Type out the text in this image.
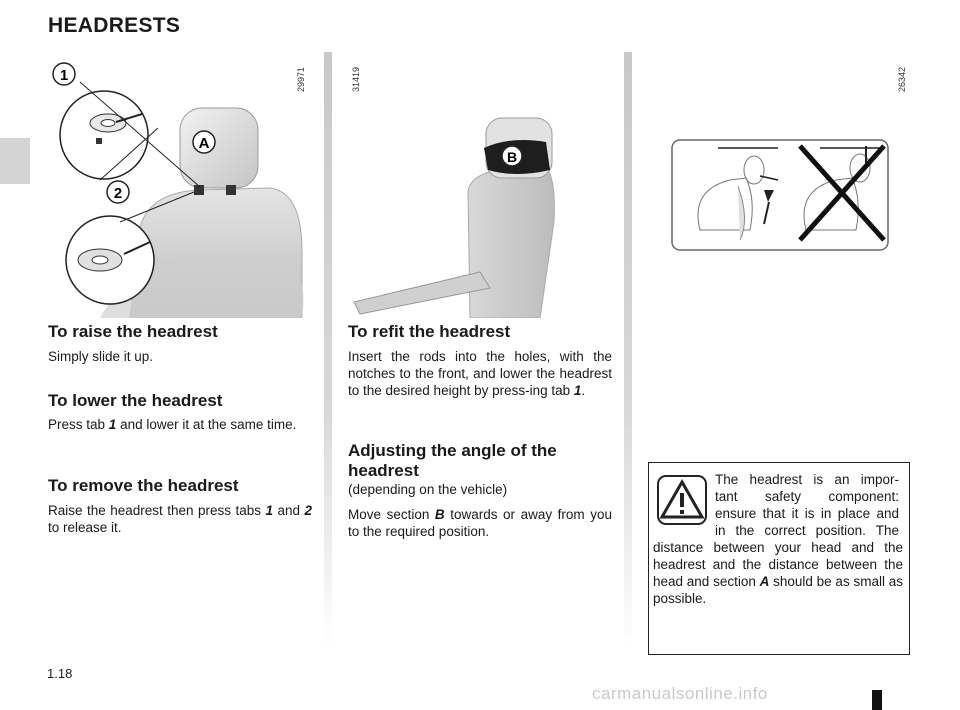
HEADRESTS
1
2
A
29971
B
31419	26342
To raise the headrest

Simply slide it up.

To lower the headrest

Press tab 1 and lower it at the same time.

To remove the headrest

Raise the headrest then press tabs 1 and 2 to release it.

To refit the headrest

Insert the rods into the holes, with the notches to the front, and lower the headrest to the desired height by press-ing tab 1.

Adjusting the angle of the
headrest

(depending on the vehicle)

Move section B towards or away from you to the required position.

The headrest is an impor-
tant safety component:
ensure that it is in place and
in the correct position. The
distance between your head and the headrest and the distance between the head and section A should be as small as possible.
1.18
carmanualsonline.info
